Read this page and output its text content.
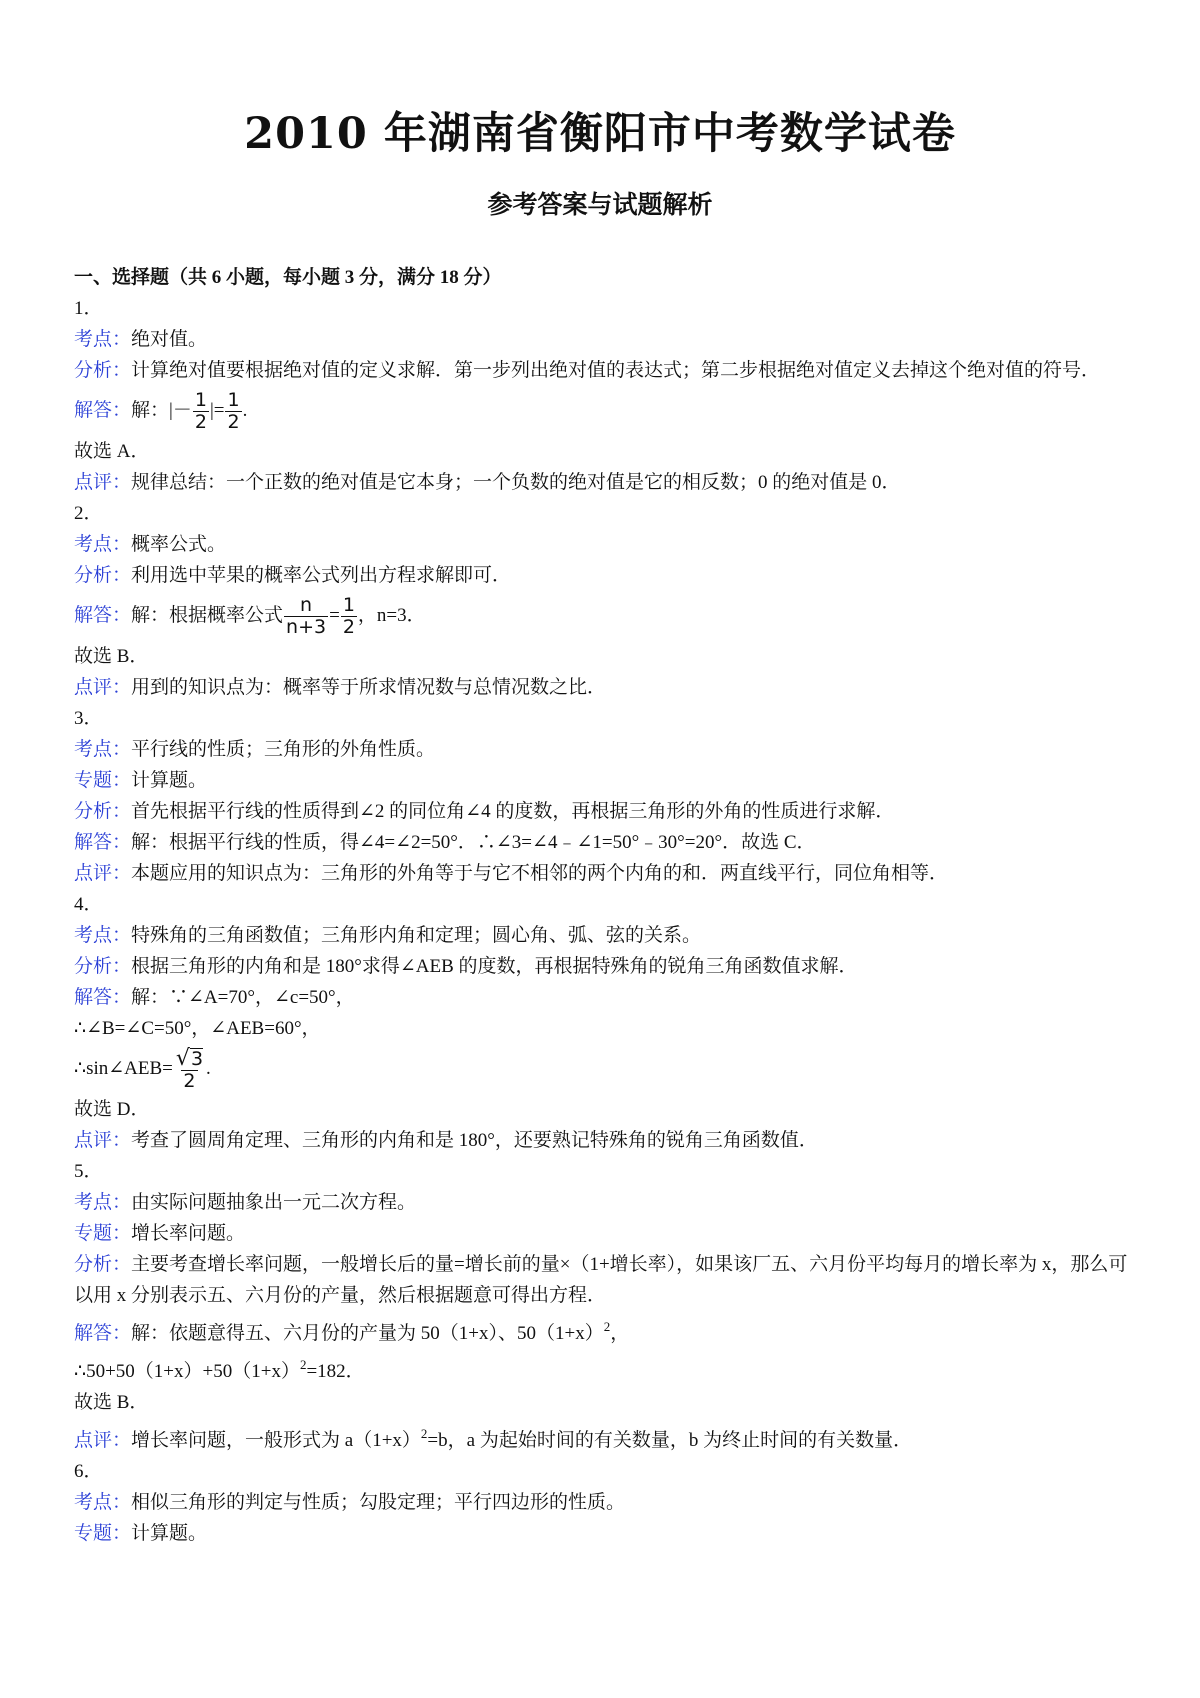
2010 年湖南省衡阳市中考数学试卷
参考答案与试题解析
一、选择题（共 6 小题，每小题 3 分，满分 18 分）
1．
考点：绝对值。
分析：计算绝对值要根据绝对值的定义求解．第一步列出绝对值的表达式；第二步根据绝对值定义去掉这个绝对值的符号．
解答：解：|－ $\frac{1}{2}$ |= $\frac{1}{2}$ .
故选 A．
点评：规律总结：一个正数的绝对值是它本身；一个负数的绝对值是它的相反数；0 的绝对值是 0．
2．
考点：概率公式。
分析：利用选中苹果的概率公式列出方程求解即可．
解答：解：根据概率公式 $\frac{n}{n+3} = \frac{1}{2}$ ，n=3．
故选 B．
点评：用到的知识点为：概率等于所求情况数与总情况数之比．
3．
考点：平行线的性质；三角形的外角性质。
专题：计算题。
分析：首先根据平行线的性质得到∠2 的同位角∠4 的度数，再根据三角形的外角的性质进行求解．
解答：解：根据平行线的性质，得∠4=∠2=50°．∴∠3=∠4﹣∠1=50°﹣30°=20°．故选 C．
点评：本题应用的知识点为：三角形的外角等于与它不相邻的两个内角的和．两直线平行，同位角相等．
4．
考点：特殊角的三角函数值；三角形内角和定理；圆心角、弧、弦的关系。
分析：根据三角形的内角和是 180°求得∠AEB 的度数，再根据特殊角的锐角三角函数值求解．
解答：解：∵∠A=70°，∠c=50°，
∴∠B=∠C=50°，∠AEB=60°，
∴sin∠AEB= $\frac{√ 3}{2}$ .
故选 D．
点评：考查了圆周角定理、三角形的内角和是 180°，还要熟记特殊角的锐角三角函数值．
5．
考点：由实际问题抽象出一元二次方程。
专题：增长率问题。
分析：主要考查增长率问题，一般增长后的量=增长前的量×（1+增长率），如果该厂五、六月份平均每月的增长率为 x，那么可以用 x 分别表示五、六月份的产量，然后根据题意可得出方程．
解答：解：依题意得五、六月份的产量为 50（1+x）、$50(1+x)^2$，
$\therefore 50+50(1+x)+50(1+x)^2=182$．
故选 B．
点评：增长率问题，一般形式为 $a(1+x)^2=b$，a 为起始时间的有关数量，b 为终止时间的有关数量．
6．
考点：相似三角形的判定与性质；勾股定理；平行四边形的性质。
专题：计算题。
